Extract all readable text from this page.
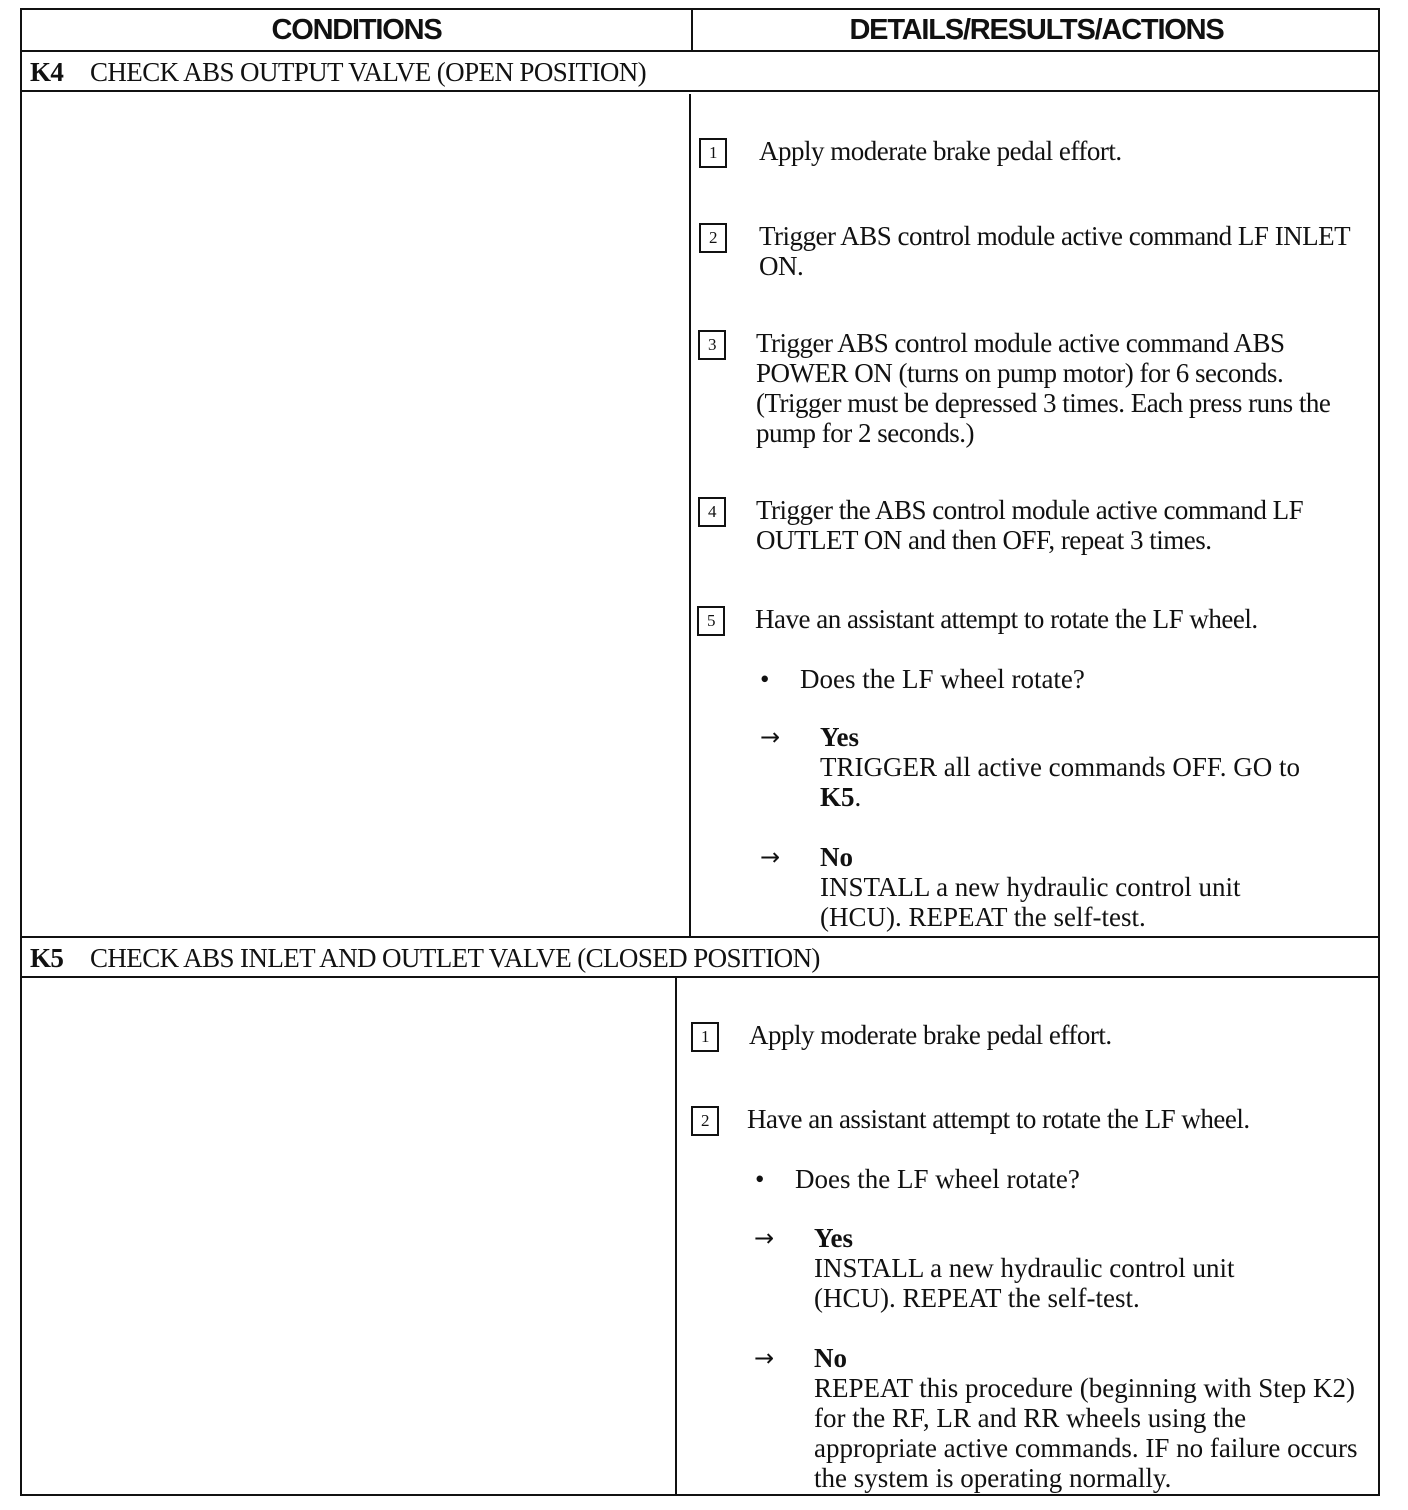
CONDITIONS	DETAILS/RESULTS/ACTIONS
K4 CHECK ABS OUTPUT VALVE (OPEN POSITION)
1	Apply moderate brake pedal effort.
2	Trigger ABS control module active command LF INLET ON.
3	Trigger ABS control module active command ABS POWER ON (turns on pump motor) for 6 seconds. (Trigger must be depressed 3 times. Each press runs the pump for 2 seconds.)
4	Trigger the ABS control module active command LF OUTLET ON and then OFF, repeat 3 times.
5	Have an assistant attempt to rotate the LF wheel.
• Does the LF wheel rotate?
→ Yes
TRIGGER all active commands OFF. GO to
K5.
→ No
INSTALL a new hydraulic control unit (HCU). REPEAT the self-test.
K5 CHECK ABS INLET AND OUTLET VALVE (CLOSED POSITION)
1	Apply moderate brake pedal effort.
2	Have an assistant attempt to rotate the LF wheel.
• Does the LF wheel rotate?
→ Yes
INSTALL a new hydraulic control unit (HCU). REPEAT the self-test.
→ No
REPEAT this procedure (beginning with Step K2) for the RF, LR and RR wheels using the appropriate active commands. IF no failure occurs the system is operating normally.
